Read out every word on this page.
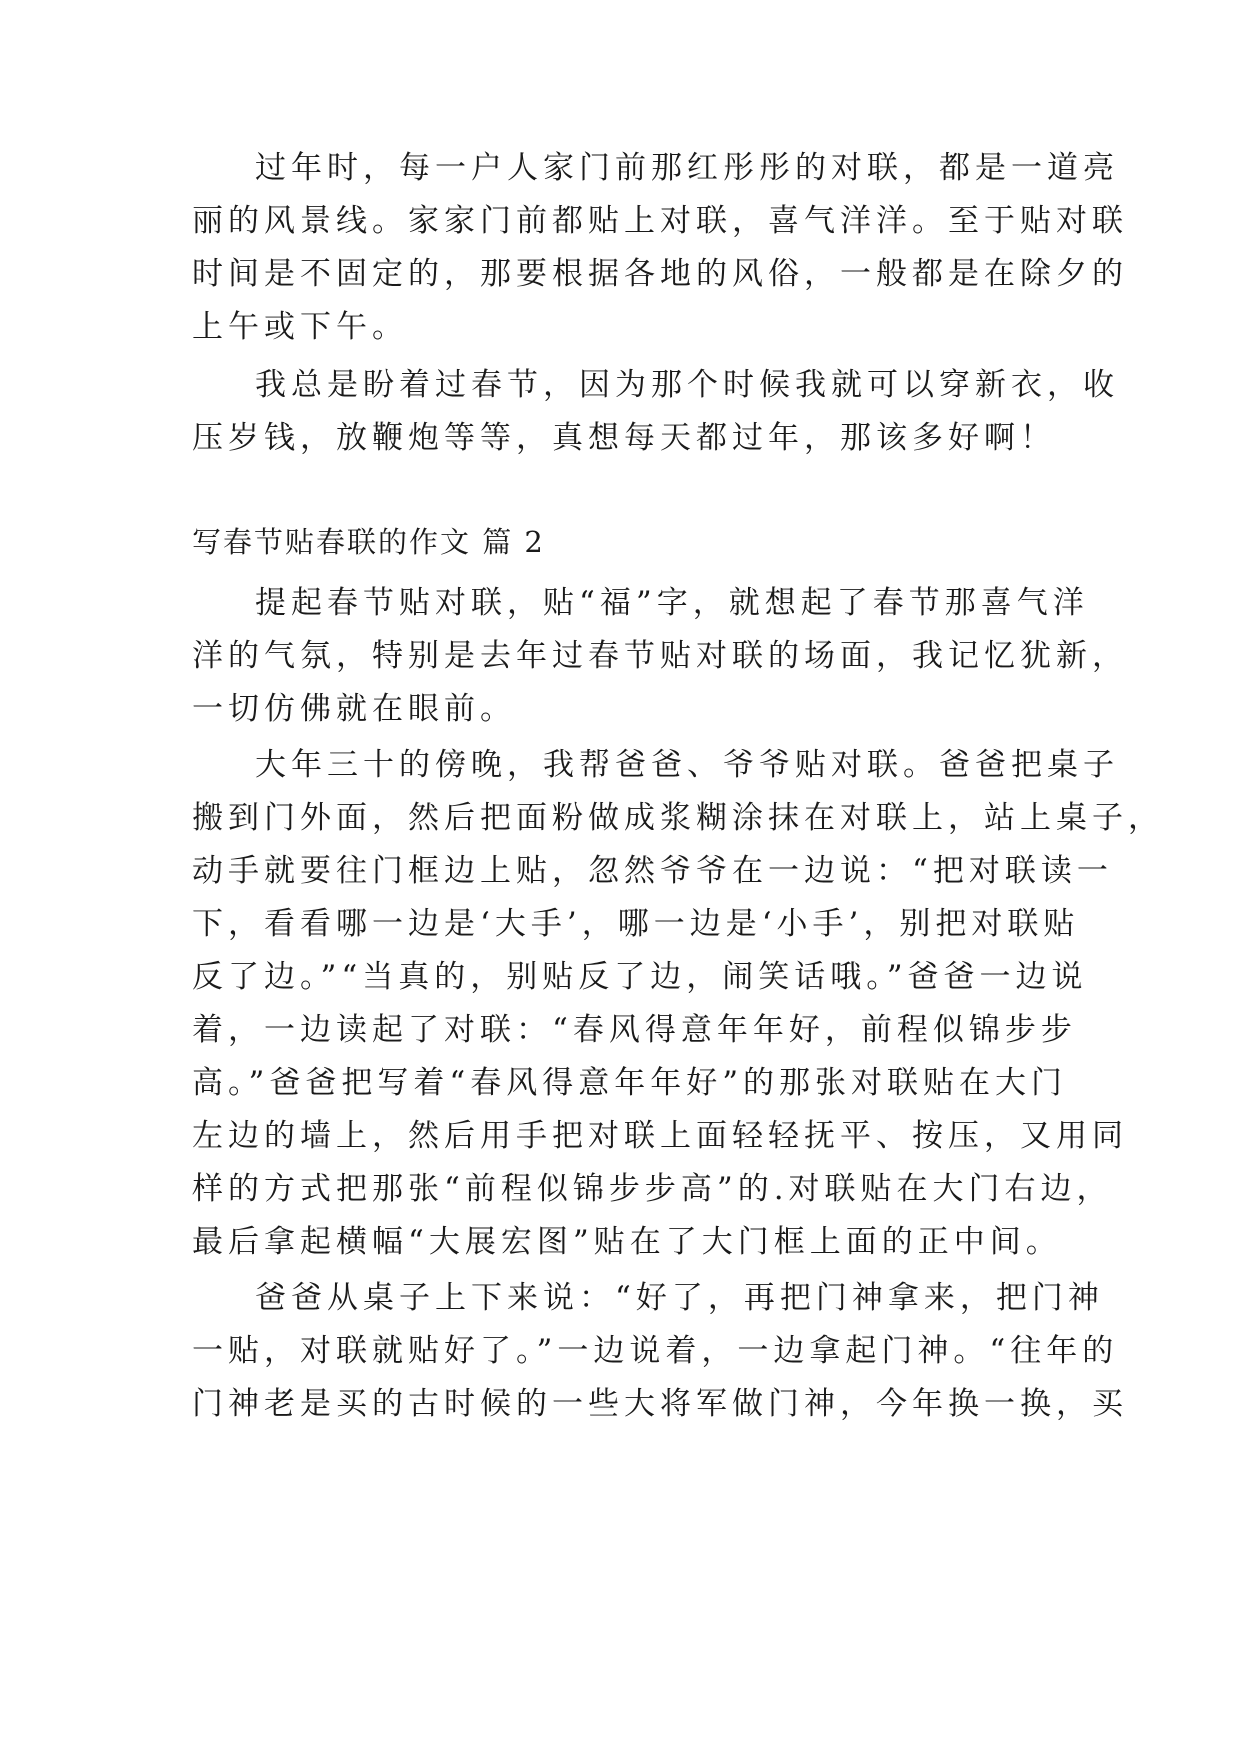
过年时，每一户人家门前那红彤彤的对联，都是一道亮
丽的风景线。家家门前都贴上对联，喜气洋洋。至于贴对联
时间是不固定的，那要根据各地的风俗，一般都是在除夕的
上午或下午。
我总是盼着过春节，因为那个时候我就可以穿新衣，收
压岁钱，放鞭炮等等，真想每天都过年，那该多好啊！
写春节贴春联的作文 篇 2
提起春节贴对联，贴“福”字，就想起了春节那喜气洋
洋的气氛，特别是去年过春节贴对联的场面，我记忆犹新，
一切仿佛就在眼前。
大年三十的傍晚，我帮爸爸、爷爷贴对联。爸爸把桌子
搬到门外面，然后把面粉做成浆糊涂抹在对联上，站上桌子，
动手就要往门框边上贴，忽然爷爷在一边说：“把对联读一
下，看看哪一边是‘大手’，哪一边是‘小手’，别把对联贴
反了边。”“当真的，别贴反了边，闹笑话哦。”爸爸一边说
着，一边读起了对联：“春风得意年年好，前程似锦步步
高。”爸爸把写着“春风得意年年好”的那张对联贴在大门
左边的墙上，然后用手把对联上面轻轻抚平、按压，又用同
样的方式把那张“前程似锦步步高”的.对联贴在大门右边，
最后拿起横幅“大展宏图”贴在了大门框上面的正中间。
爸爸从桌子上下来说：“好了，再把门神拿来，把门神
一贴，对联就贴好了。”一边说着，一边拿起门神。“往年的
门神老是买的古时候的一些大将军做门神，今年换一换，买
